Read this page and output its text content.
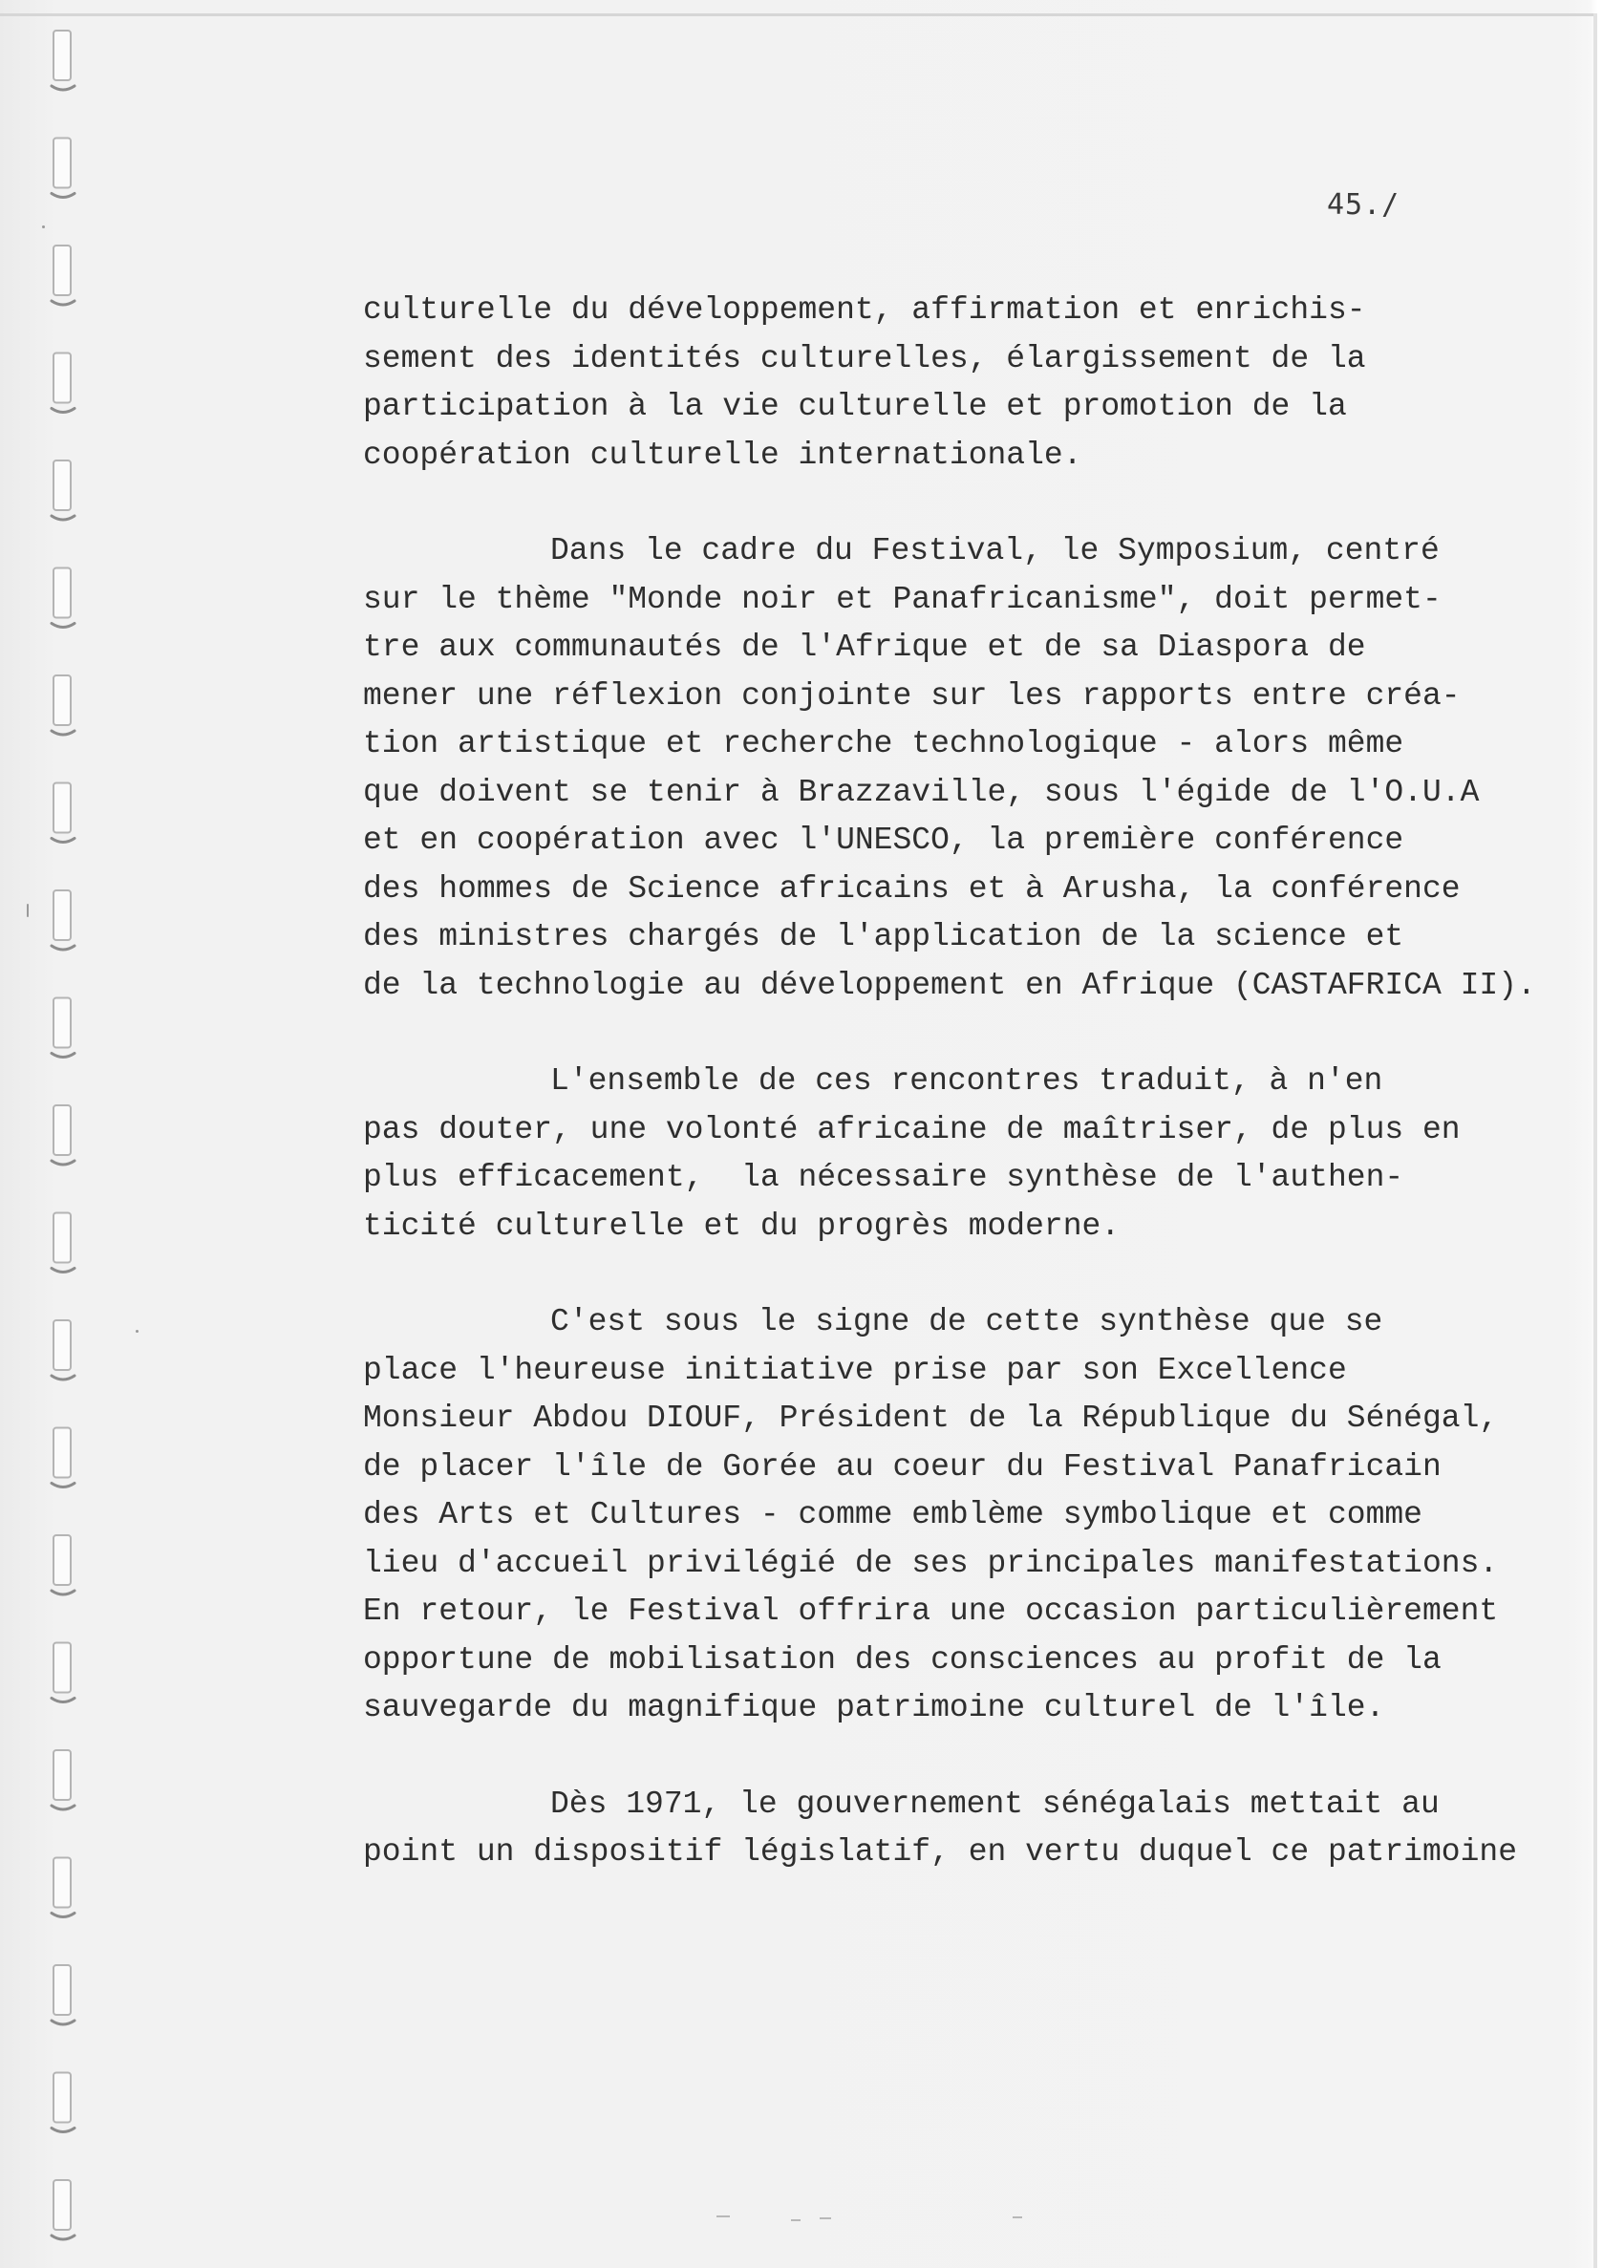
45./

culturelle du développement, affirmation et enrichis-
sement des identités culturelles, élargissement de la
participation à la vie culturelle et promotion de la
coopération culturelle internationale.

Dans le cadre du Festival, le Symposium, centré
sur le thème "Monde noir et Panafricanisme", doit permet-
tre aux communautés de l'Afrique et de sa Diaspora de
mener une réflexion conjointe sur les rapports entre créa-
tion artistique et recherche technologique - alors même
que doivent se tenir à Brazzaville, sous l'égide de l'O.U.A
et en coopération avec l'UNESCO, la première conférence
des hommes de Science africains et à Arusha, la conférence
des ministres chargés de l'application de la science et
de la technologie au développement en Afrique (CASTAFRICA II).

L'ensemble de ces rencontres traduit, à n'en
pas douter, une volonté africaine de maîtriser, de plus en
plus efficacement,  la nécessaire synthèse de l'authen-
ticité culturelle et du progrès moderne.

C'est sous le signe de cette synthèse que se
place l'heureuse initiative prise par son Excellence
Monsieur Abdou DIOUF, Président de la République du Sénégal,
de placer l'île de Gorée au coeur du Festival Panafricain
des Arts et Cultures - comme emblème symbolique et comme
lieu d'accueil privilégié de ses principales manifestations.
En retour, le Festival offrira une occasion particulièrement
opportune de mobilisation des consciences au profit de la
sauvegarde du magnifique patrimoine culturel de l'île.

Dès 1971, le gouvernement sénégalais mettait au
point un dispositif législatif, en vertu duquel ce patrimoine
